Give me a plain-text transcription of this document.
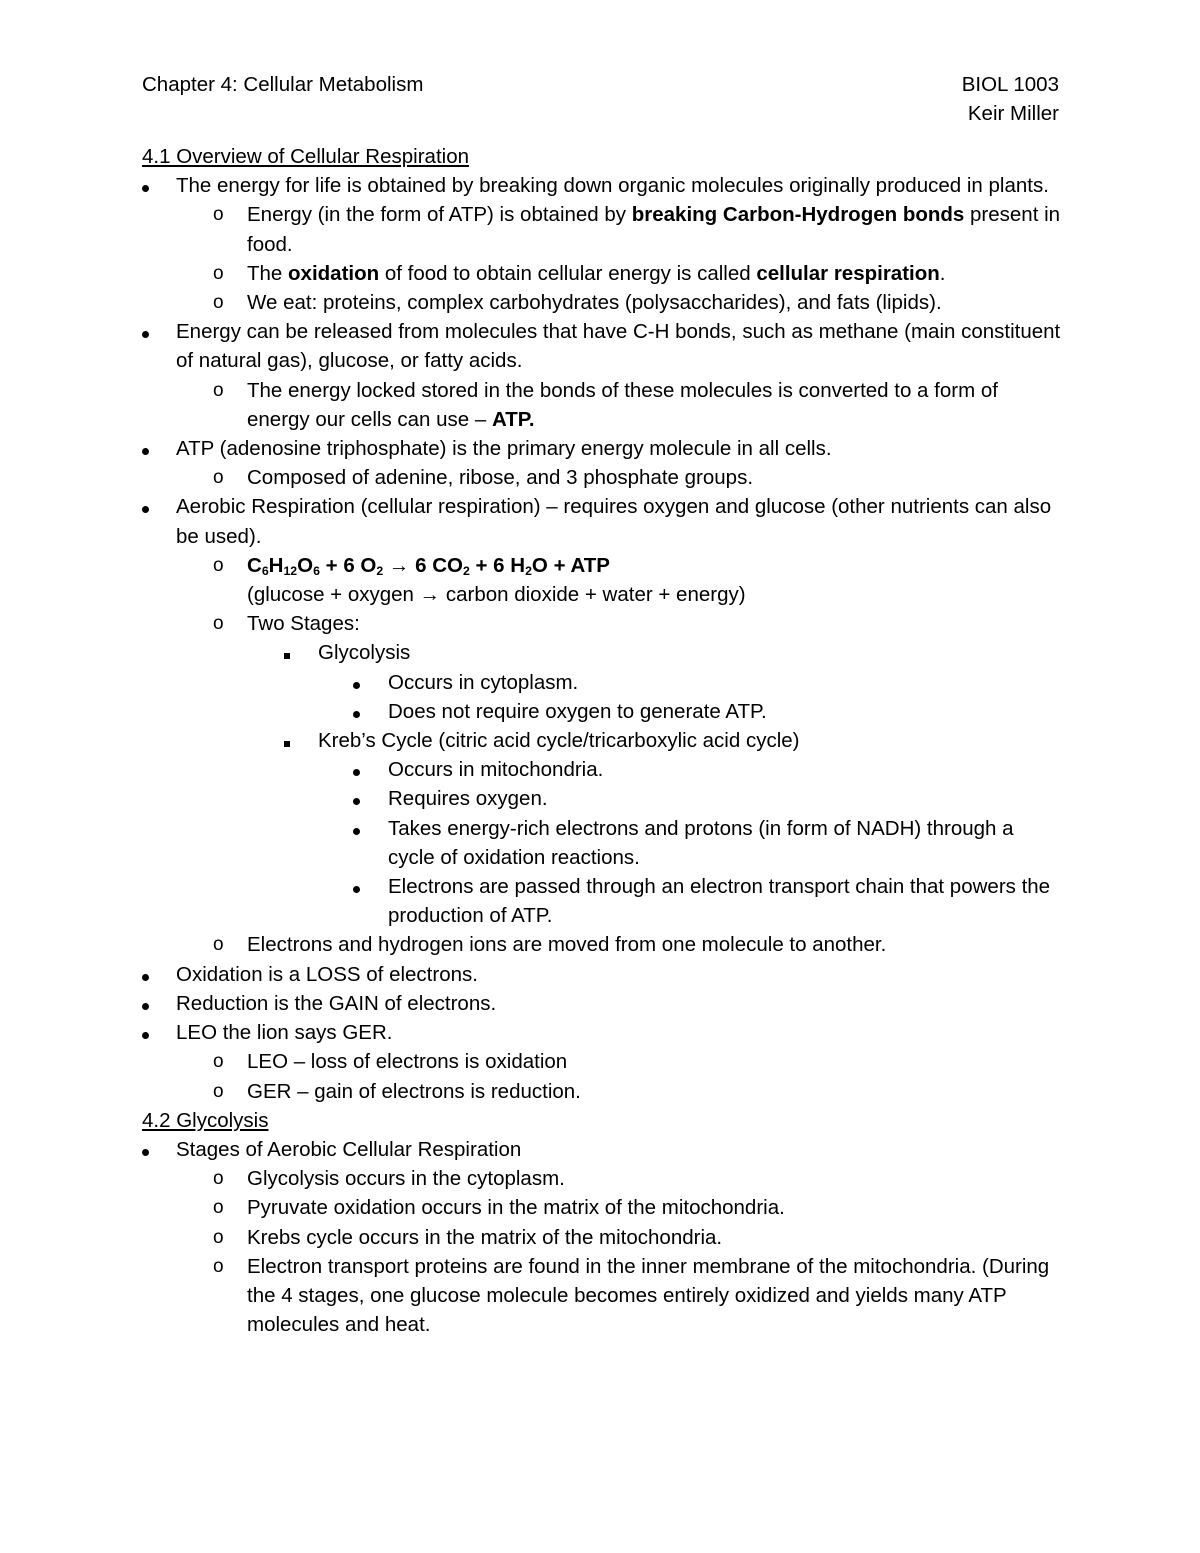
Chapter 4: Cellular Metabolism	BIOL 1003
Keir Miller
4.1 Overview of Cellular Respiration
The energy for life is obtained by breaking down organic molecules originally produced in plants.
o Energy (in the form of ATP) is obtained by breaking Carbon-Hydrogen bonds present in food.
o The oxidation of food to obtain cellular energy is called cellular respiration.
o We eat: proteins, complex carbohydrates (polysaccharides), and fats (lipids).
Energy can be released from molecules that have C-H bonds, such as methane (main constituent of natural gas), glucose, or fatty acids.
o The energy locked stored in the bonds of these molecules is converted to a form of energy our cells can use – ATP.
ATP (adenosine triphosphate) is the primary energy molecule in all cells.
o Composed of adenine, ribose, and 3 phosphate groups.
Aerobic Respiration (cellular respiration) – requires oxygen and glucose (other nutrients can also be used).
o $C_6H_{12}O_6 + 6$ $O_2 \to 6$ $CO_2 + 6$ $H_2O$ + ATP
(glucose + oxygen → carbon dioxide + water + energy)
o Two Stages:
Glycolysis
Occurs in cytoplasm.
Does not require oxygen to generate ATP.
Kreb’s Cycle (citric acid cycle/tricarboxylic acid cycle)
Occurs in mitochondria.
Requires oxygen.
Takes energy-rich electrons and protons (in form of NADH) through a cycle of oxidation reactions.
Electrons are passed through an electron transport chain that powers the production of ATP.
o Electrons and hydrogen ions are moved from one molecule to another.
Oxidation is a LOSS of electrons.
Reduction is the GAIN of electrons.
LEO the lion says GER.
o LEO – loss of electrons is oxidation
o GER – gain of electrons is reduction.
4.2 Glycolysis
Stages of Aerobic Cellular Respiration
o Glycolysis occurs in the cytoplasm.
o Pyruvate oxidation occurs in the matrix of the mitochondria.
o Krebs cycle occurs in the matrix of the mitochondria.
o Electron transport proteins are found in the inner membrane of the mitochondria. (During the 4 stages, one glucose molecule becomes entirely oxidized and yields many ATP molecules and heat.
